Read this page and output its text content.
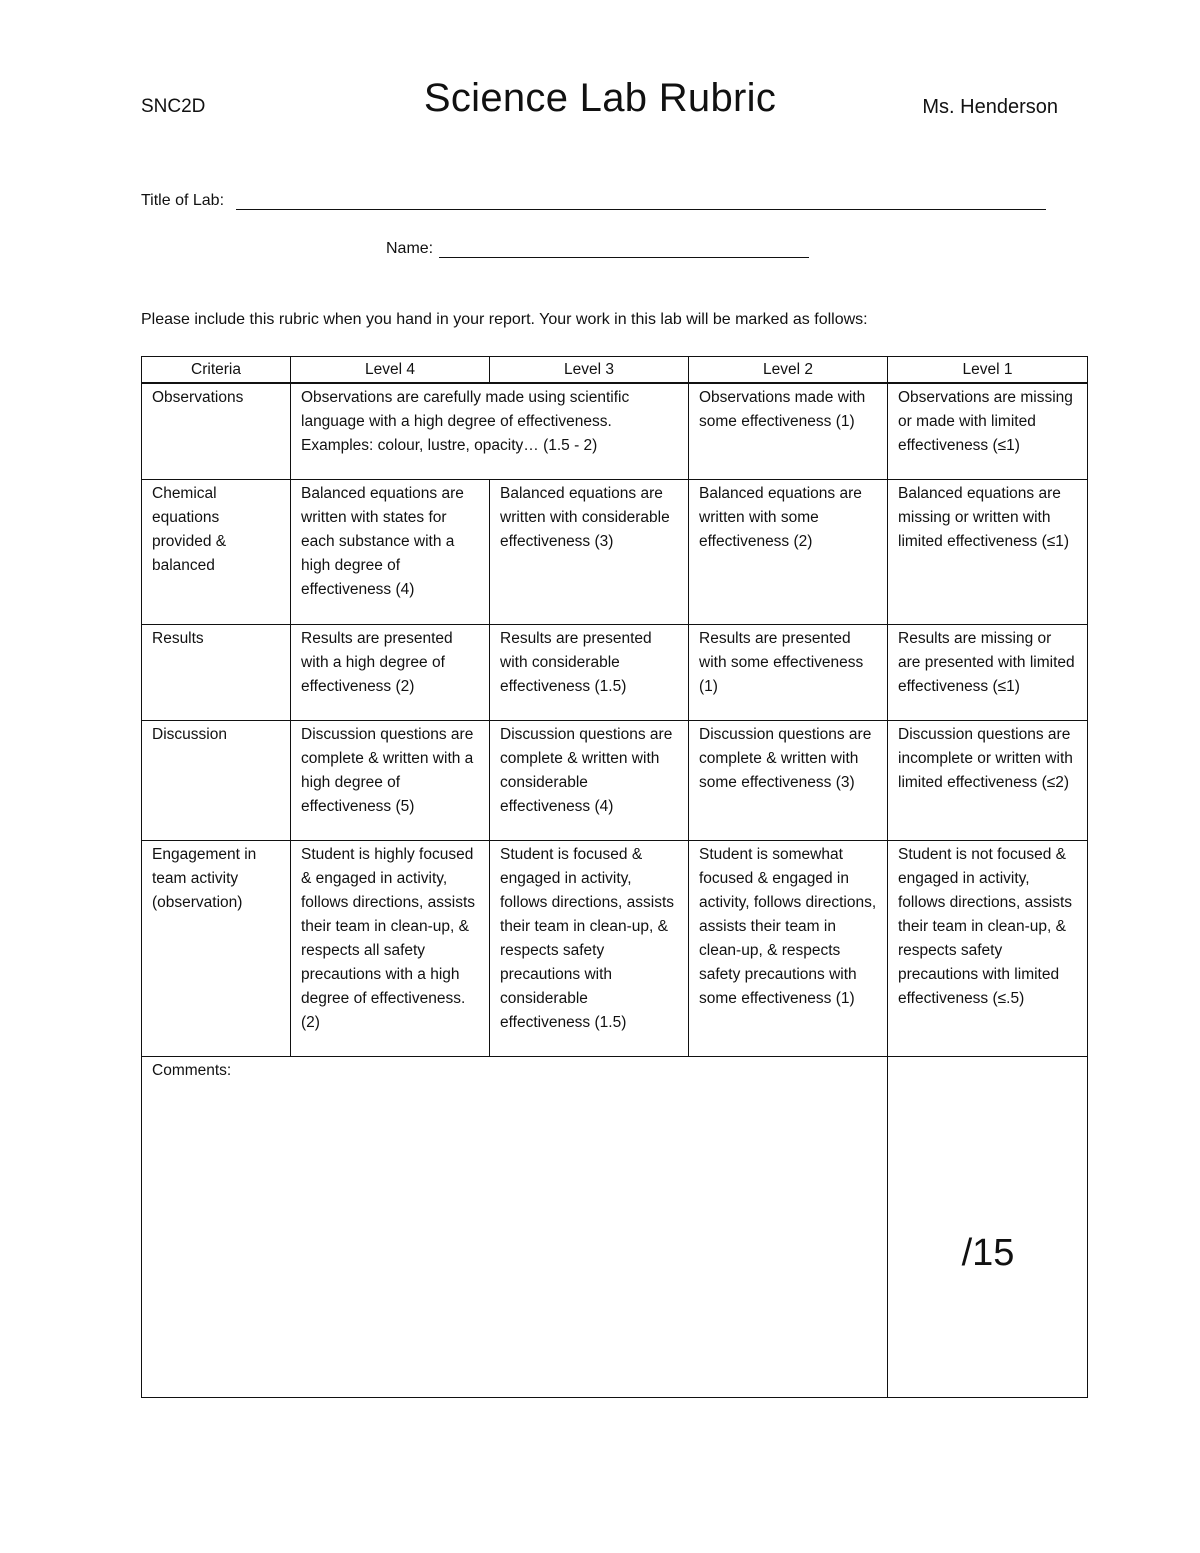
SNC2D	Science Lab Rubric	Ms. Henderson
Title of Lab:
Name:
Please include this rubric when you hand in your report. Your work in this lab will be marked as follows:
Criteria	Level 4	Level 3	Level 2	Level 1
Observations	Observations are carefully made using scientific language with a high degree of effectiveness. Examples: colour, lustre, opacity… (1.5 - 2)		Observations made with some effectiveness (1)	Observations are missing or made with limited effectiveness (≤1)
Chemical equations provided & balanced	Balanced equations are written with states for each substance with a high degree of effectiveness (4)	Balanced equations are written with considerable effectiveness (3)	Balanced equations are written with some effectiveness (2)	Balanced equations are missing or written with limited effectiveness (≤1)
Results	Results are presented with a high degree of effectiveness (2)	Results are presented with considerable effectiveness (1.5)	Results are presented with some effectiveness (1)	Results are missing or are presented with limited effectiveness (≤1)
Discussion	Discussion questions are complete & written with a high degree of effectiveness (5)	Discussion questions are complete & written with considerable effectiveness (4)	Discussion questions are complete & written with some effectiveness (3)	Discussion questions are incomplete or written with limited effectiveness (≤2)
Engagement in team activity (observation)	Student is highly focused & engaged in activity, follows directions, assists their team in clean-up, & respects all safety precautions with a high degree of effectiveness. (2)	Student is focused & engaged in activity, follows directions, assists their team in clean-up, & respects safety precautions with considerable effectiveness (1.5)	Student is somewhat focused & engaged in activity, follows directions, assists their team in clean-up, & respects safety precautions with some effectiveness (1)	Student is not focused & engaged in activity, follows directions, assists their team in clean-up, & respects safety precautions with limited effectiveness (≤.5)
Comments:				/15
